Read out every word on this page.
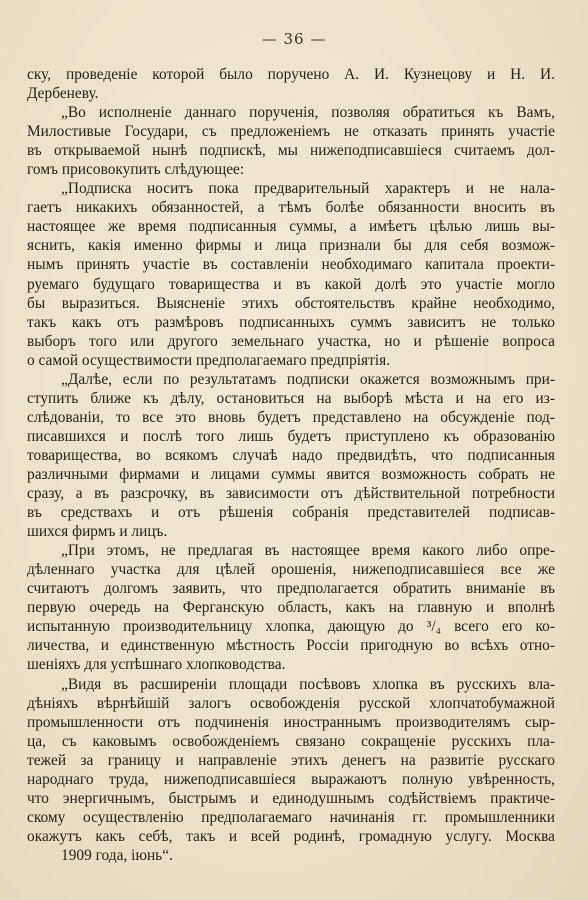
— 36 —
ску, проведеніе которой было поручено А. И. Кузнецову и Н. И.
Дербеневу.
„Во исполненіе даннаго порученія, позволяя обратиться къ Вамъ,
Милостивые Государи, съ предложеніемъ не отказать принять участіе
въ открываемой нынѣ подпискѣ, мы нижеподписавшіеся считаемъ дол-
гомъ присовокупить слѣдующее:
„Подписка носитъ пока предварительный характеръ и не нала-
гаетъ никакихъ обязанностей, а тѣмъ болѣе обязанности вносить въ
настоящее же время подписанныя суммы, а имѣетъ цѣлью лишь вы-
яснить, какія именно фирмы и лица признали бы для себя возмож-
нымъ принять участіе въ составленіи необходимаго капитала проекти-
руемаго будущаго товарищества и въ какой долѣ это участіе могло
бы выразиться. Выясненіе этихъ обстоятельствъ крайне необходимо,
такъ какъ отъ размѣровъ подписанныхъ суммъ зависитъ не только
выборъ того или другого земельнаго участка, но и рѣшеніе вопроса
о самой осуществимости предполагаемаго предпріятія.
„Далѣе, если по результатамъ подписки окажется возможнымъ при-
ступить ближе къ дѣлу, остановиться на выборѣ мѣста и на его из-
слѣдованіи, то все это вновь будетъ представлено на обсужденіе под-
писавшихся и послѣ того лишь будетъ приступлено къ образованію
товарищества, во всякомъ случаѣ надо предвидѣть, что подписанныя
различными фирмами и лицами суммы явится возможность собрать не
сразу, а въ разсрочку, въ зависимости отъ дѣйствительной потребности
въ средствахъ и отъ рѣшенія собранія представителей подписав-
шихся фирмъ и лицъ.
„При этомъ, не предлагая въ настоящее время какого либо опре-
дѣленнаго участка для цѣлей орошенія, нижеподписавшіеся все же
считаютъ долгомъ заявить, что предполагается обратить вниманіе въ
первую очередь на Ферганскую область, какъ на главную и вполнѣ
испытанную производительницу хлопка, дающую до ³/₄ всего его ко-
личества, и единственную мѣстность Россіи пригодную во всѣхъ отно-
шеніяхъ для успѣшнаго хлопководства.
„Видя въ расширеніи площади посѣвовъ хлопка въ русскихъ вла-
дѣніяхъ вѣрнѣйшій залогъ освобожденія русской хлопчатобумажной
промышленности отъ подчиненія иностраннымъ производителямъ сыр-
ца, съ каковымъ освобожденіемъ связано сокращеніе русскихъ пла-
тежей за границу и направленіе этихъ денегъ на развитіе русскаго
народнаго труда, нижеподписавшіеся выражаютъ полную увѣренность,
что энергичнымъ, быстрымъ и единодушнымъ содѣйствіемъ практиче-
скому осуществленію предполагаемаго начинанія гг. промышленники
окажутъ какъ себѣ, такъ и всей родинѣ, громадную услугу. Москва
1909 года, іюнь“.
